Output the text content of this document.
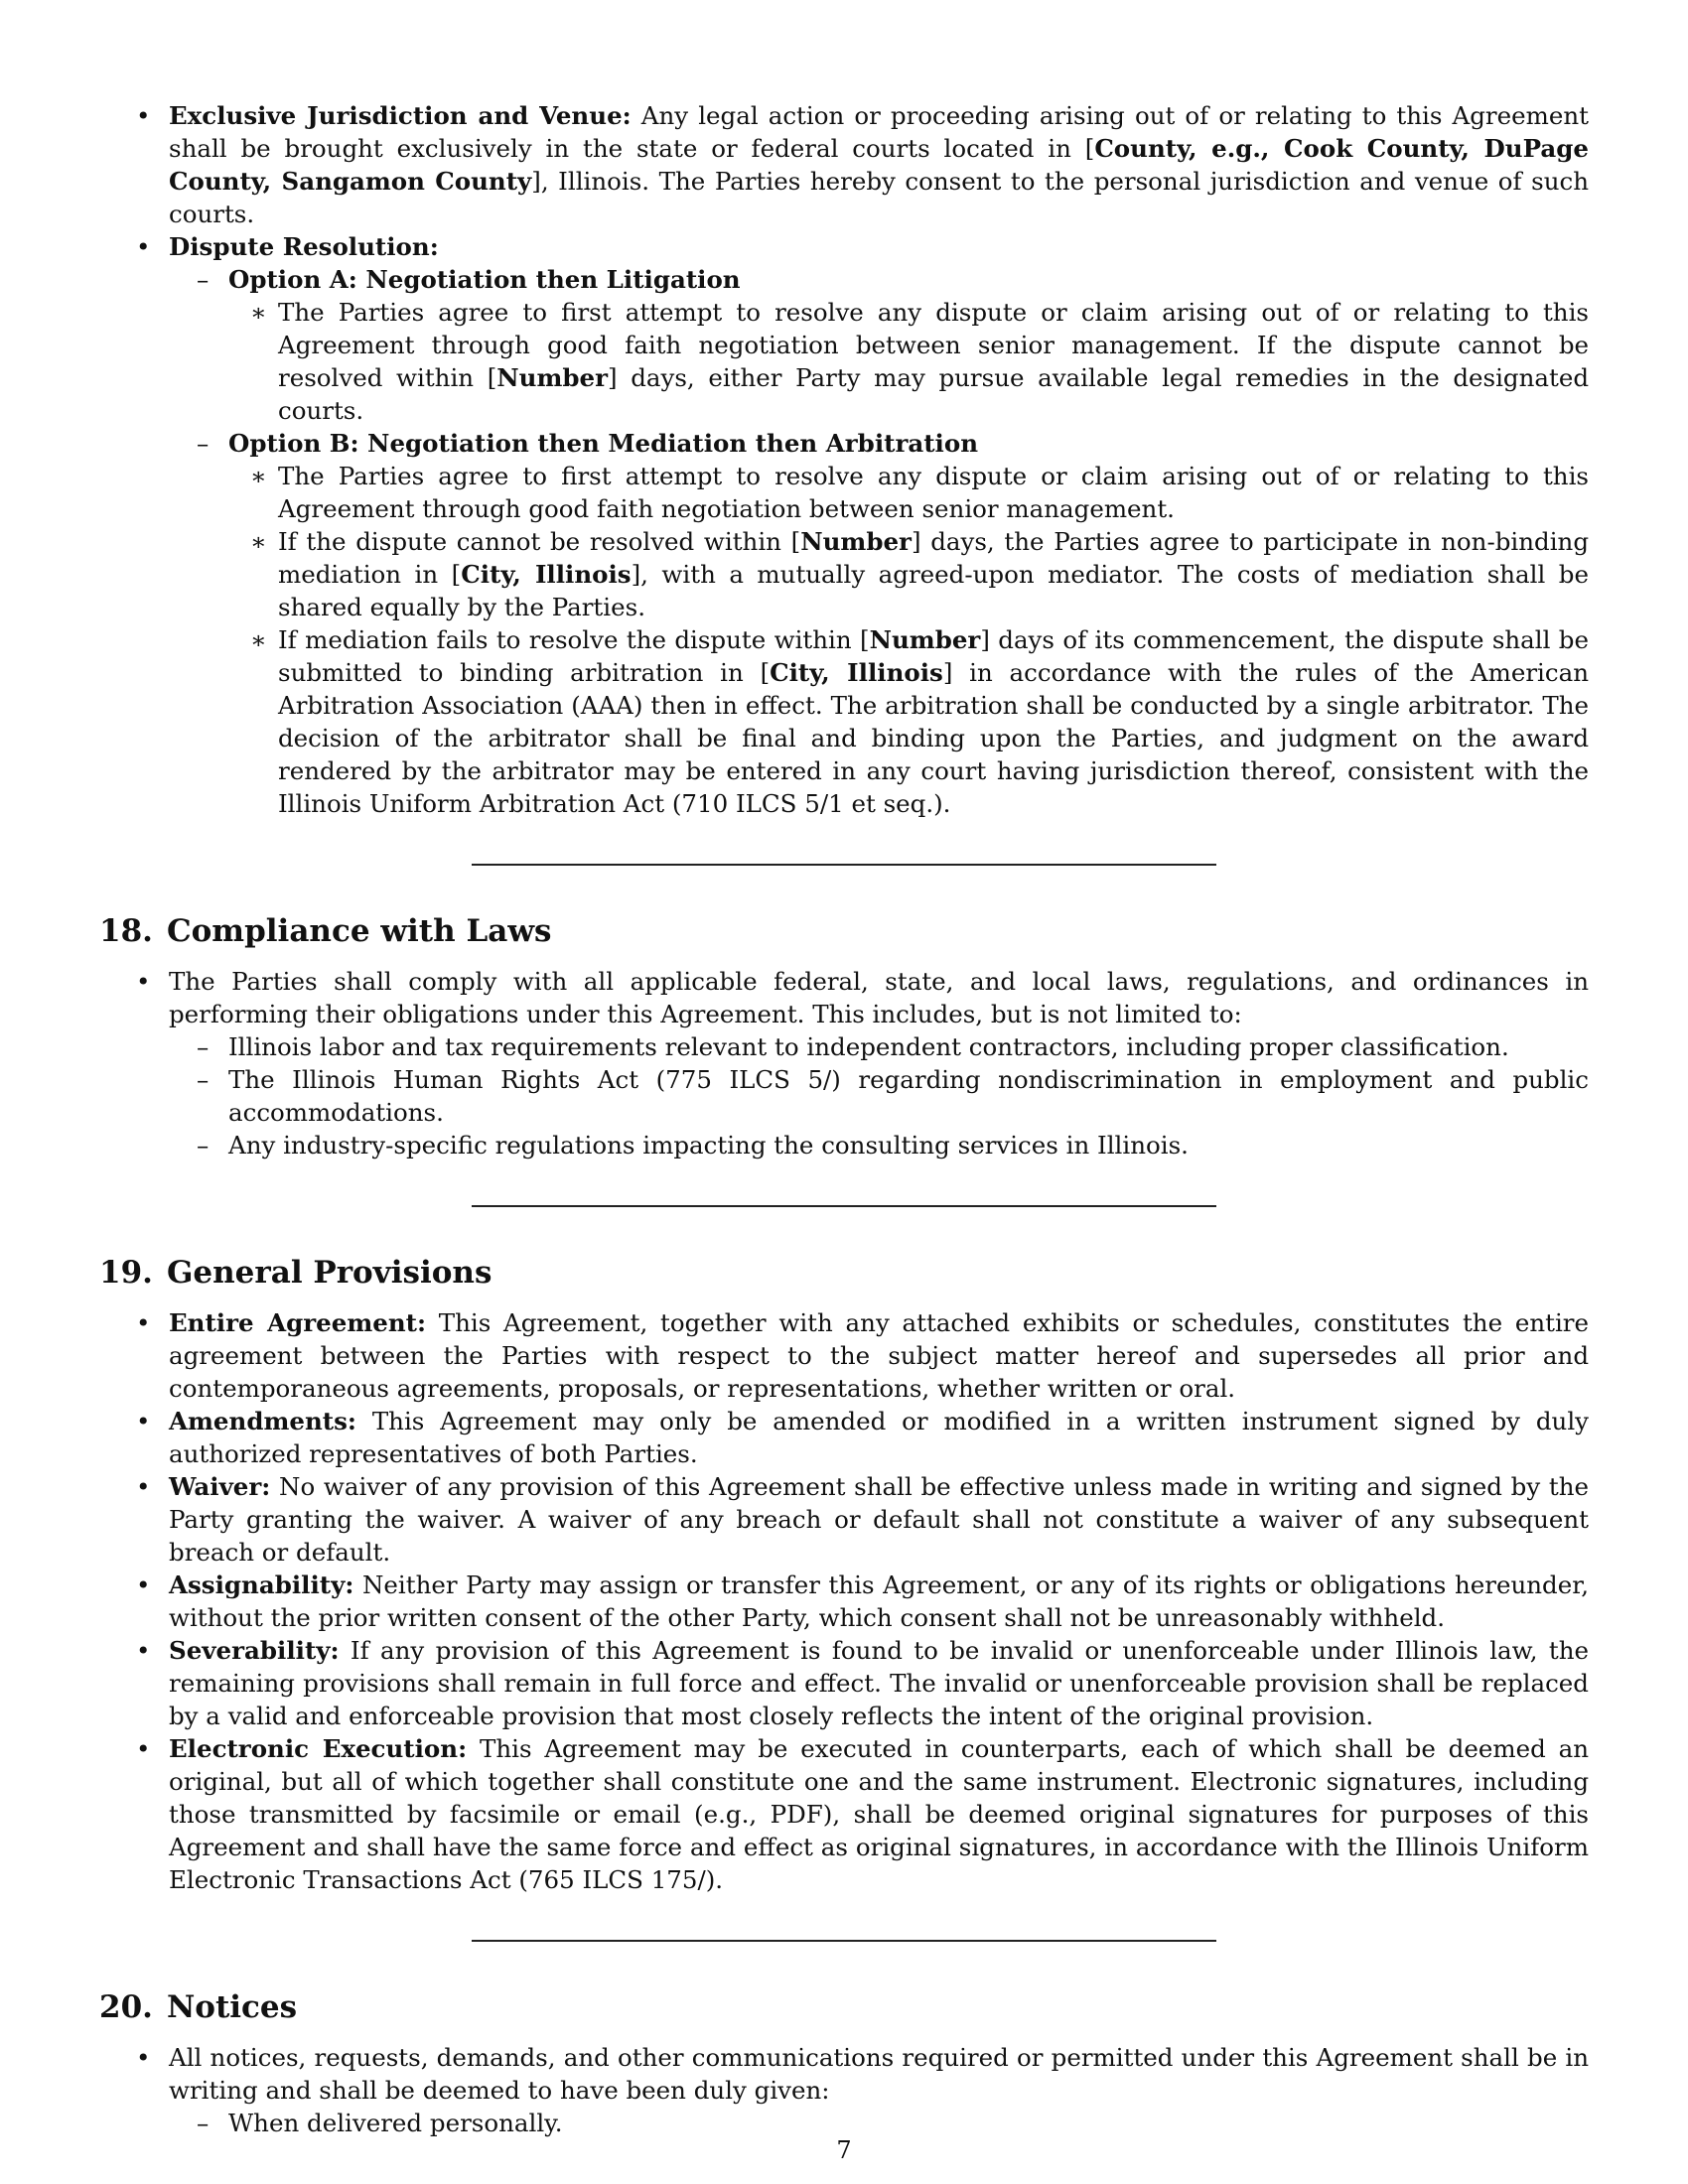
• Exclusive Jurisdiction and Venue: Any legal action or proceeding arising out of or relating to this Agreement shall be brought exclusively in the state or federal courts located in [County, e.g., Cook County, DuPage County, Sangamon County], Illinois. The Parties hereby consent to the personal jurisdiction and venue of such courts.
• Dispute Resolution:
– Option A: Negotiation then Litigation
∗ The Parties agree to first attempt to resolve any dispute or claim arising out of or relating to this Agreement through good faith negotiation between senior management. If the dispute cannot be resolved within [Number] days, either Party may pursue available legal remedies in the designated courts.
– Option B: Negotiation then Mediation then Arbitration
∗ The Parties agree to first attempt to resolve any dispute or claim arising out of or relating to this Agreement through good faith negotiation between senior management.
∗ If the dispute cannot be resolved within [Number] days, the Parties agree to participate in non-binding mediation in [City, Illinois], with a mutually agreed-upon mediator. The costs of mediation shall be shared equally by the Parties.
∗ If mediation fails to resolve the dispute within [Number] days of its commencement, the dispute shall be submitted to binding arbitration in [City, Illinois] in accordance with the rules of the American Arbitration Association (AAA) then in effect. The arbitration shall be conducted by a single arbitrator. The decision of the arbitrator shall be final and binding upon the Parties, and judgment on the award rendered by the arbitrator may be entered in any court having jurisdiction thereof, consistent with the Illinois Uniform Arbitration Act (710 ILCS 5/1 et seq.).
18. Compliance with Laws
• The Parties shall comply with all applicable federal, state, and local laws, regulations, and ordinances in performing their obligations under this Agreement. This includes, but is not limited to:
– Illinois labor and tax requirements relevant to independent contractors, including proper classification.
– The Illinois Human Rights Act (775 ILCS 5/) regarding nondiscrimination in employment and public accommodations.
– Any industry-specific regulations impacting the consulting services in Illinois.
19. General Provisions
• Entire Agreement: This Agreement, together with any attached exhibits or schedules, constitutes the entire agreement between the Parties with respect to the subject matter hereof and supersedes all prior and contemporaneous agreements, proposals, or representations, whether written or oral.
• Amendments: This Agreement may only be amended or modified in a written instrument signed by duly authorized representatives of both Parties.
• Waiver: No waiver of any provision of this Agreement shall be effective unless made in writing and signed by the Party granting the waiver. A waiver of any breach or default shall not constitute a waiver of any subsequent breach or default.
• Assignability: Neither Party may assign or transfer this Agreement, or any of its rights or obligations hereunder, without the prior written consent of the other Party, which consent shall not be unreasonably withheld.
• Severability: If any provision of this Agreement is found to be invalid or unenforceable under Illinois law, the remaining provisions shall remain in full force and effect. The invalid or unenforceable provision shall be replaced by a valid and enforceable provision that most closely reflects the intent of the original provision.
• Electronic Execution: This Agreement may be executed in counterparts, each of which shall be deemed an original, but all of which together shall constitute one and the same instrument. Electronic signatures, including those transmitted by facsimile or email (e.g., PDF), shall be deemed original signatures for purposes of this Agreement and shall have the same force and effect as original signatures, in accordance with the Illinois Uniform Electronic Transactions Act (765 ILCS 175/).
20. Notices
• All notices, requests, demands, and other communications required or permitted under this Agreement shall be in writing and shall be deemed to have been duly given:
– When delivered personally.
7
